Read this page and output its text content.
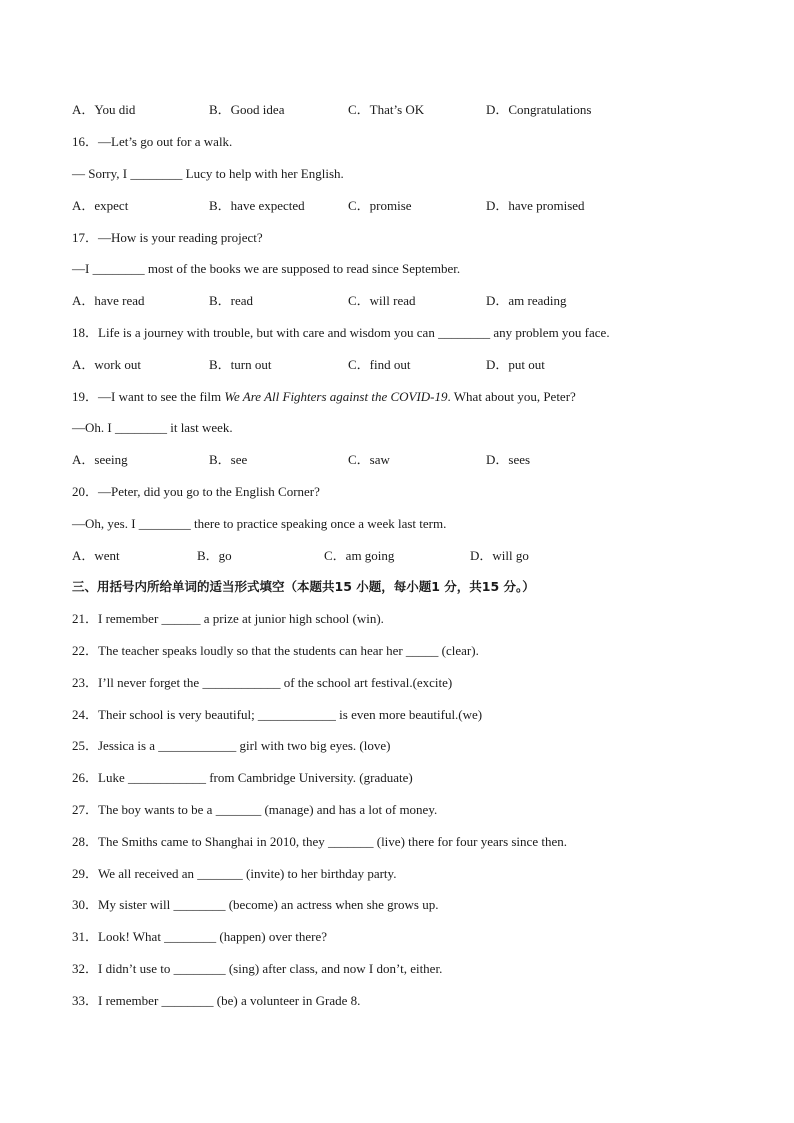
A．You did	B．Good idea	C．That’s OK	D．Congratulations
16．—Let’s go out for a walk.
— Sorry, I ________ Lucy to help with her English.
A．expect	B．have expected	C．promise	D．have promised
17．—How is your reading project?
—I ________ most of the books we are supposed to read since September.
A．have read	B．read	C．will read	D．am reading
18．Life is a journey with trouble, but with care and wisdom you can ________ any problem you face.
A．work out	B．turn out	C．find out	D．put out
19．—I want to see the film We Are All Fighters against the COVID-19. What about you, Peter?
—Oh. I ________ it last week.
A．seeing	B．see	C．saw	D．sees
20．—Peter, did you go to the English Corner?
—Oh, yes. I ________ there to practice speaking once a week last term.
A．went	B．go	C．am going	D．will go
三、用括号内所给单词的适当形式填空（本题共15 小题，每小题1 分，共15 分。）
21．I remember ______ a prize at junior high school (win).
22．The teacher speaks loudly so that the students can hear her _____ (clear).
23．I’ll never forget the ____________ of the school art festival.(excite)
24．Their school is very beautiful; ____________ is even more beautiful.(we)
25．Jessica is a ____________ girl with two big eyes. (love)
26．Luke ____________ from Cambridge University. (graduate)
27．The boy wants to be a _______ (manage) and has a lot of money.
28．The Smiths came to Shanghai in 2010, they _______ (live) there for four years since then.
29．We all received an _______ (invite) to her birthday party.
30．My sister will ________ (become) an actress when she grows up.
31．Look! What ________ (happen) over there?
32．I didn’t use to ________ (sing) after class, and now I don’t, either.
33．I remember ________ (be) a volunteer in Grade 8.
